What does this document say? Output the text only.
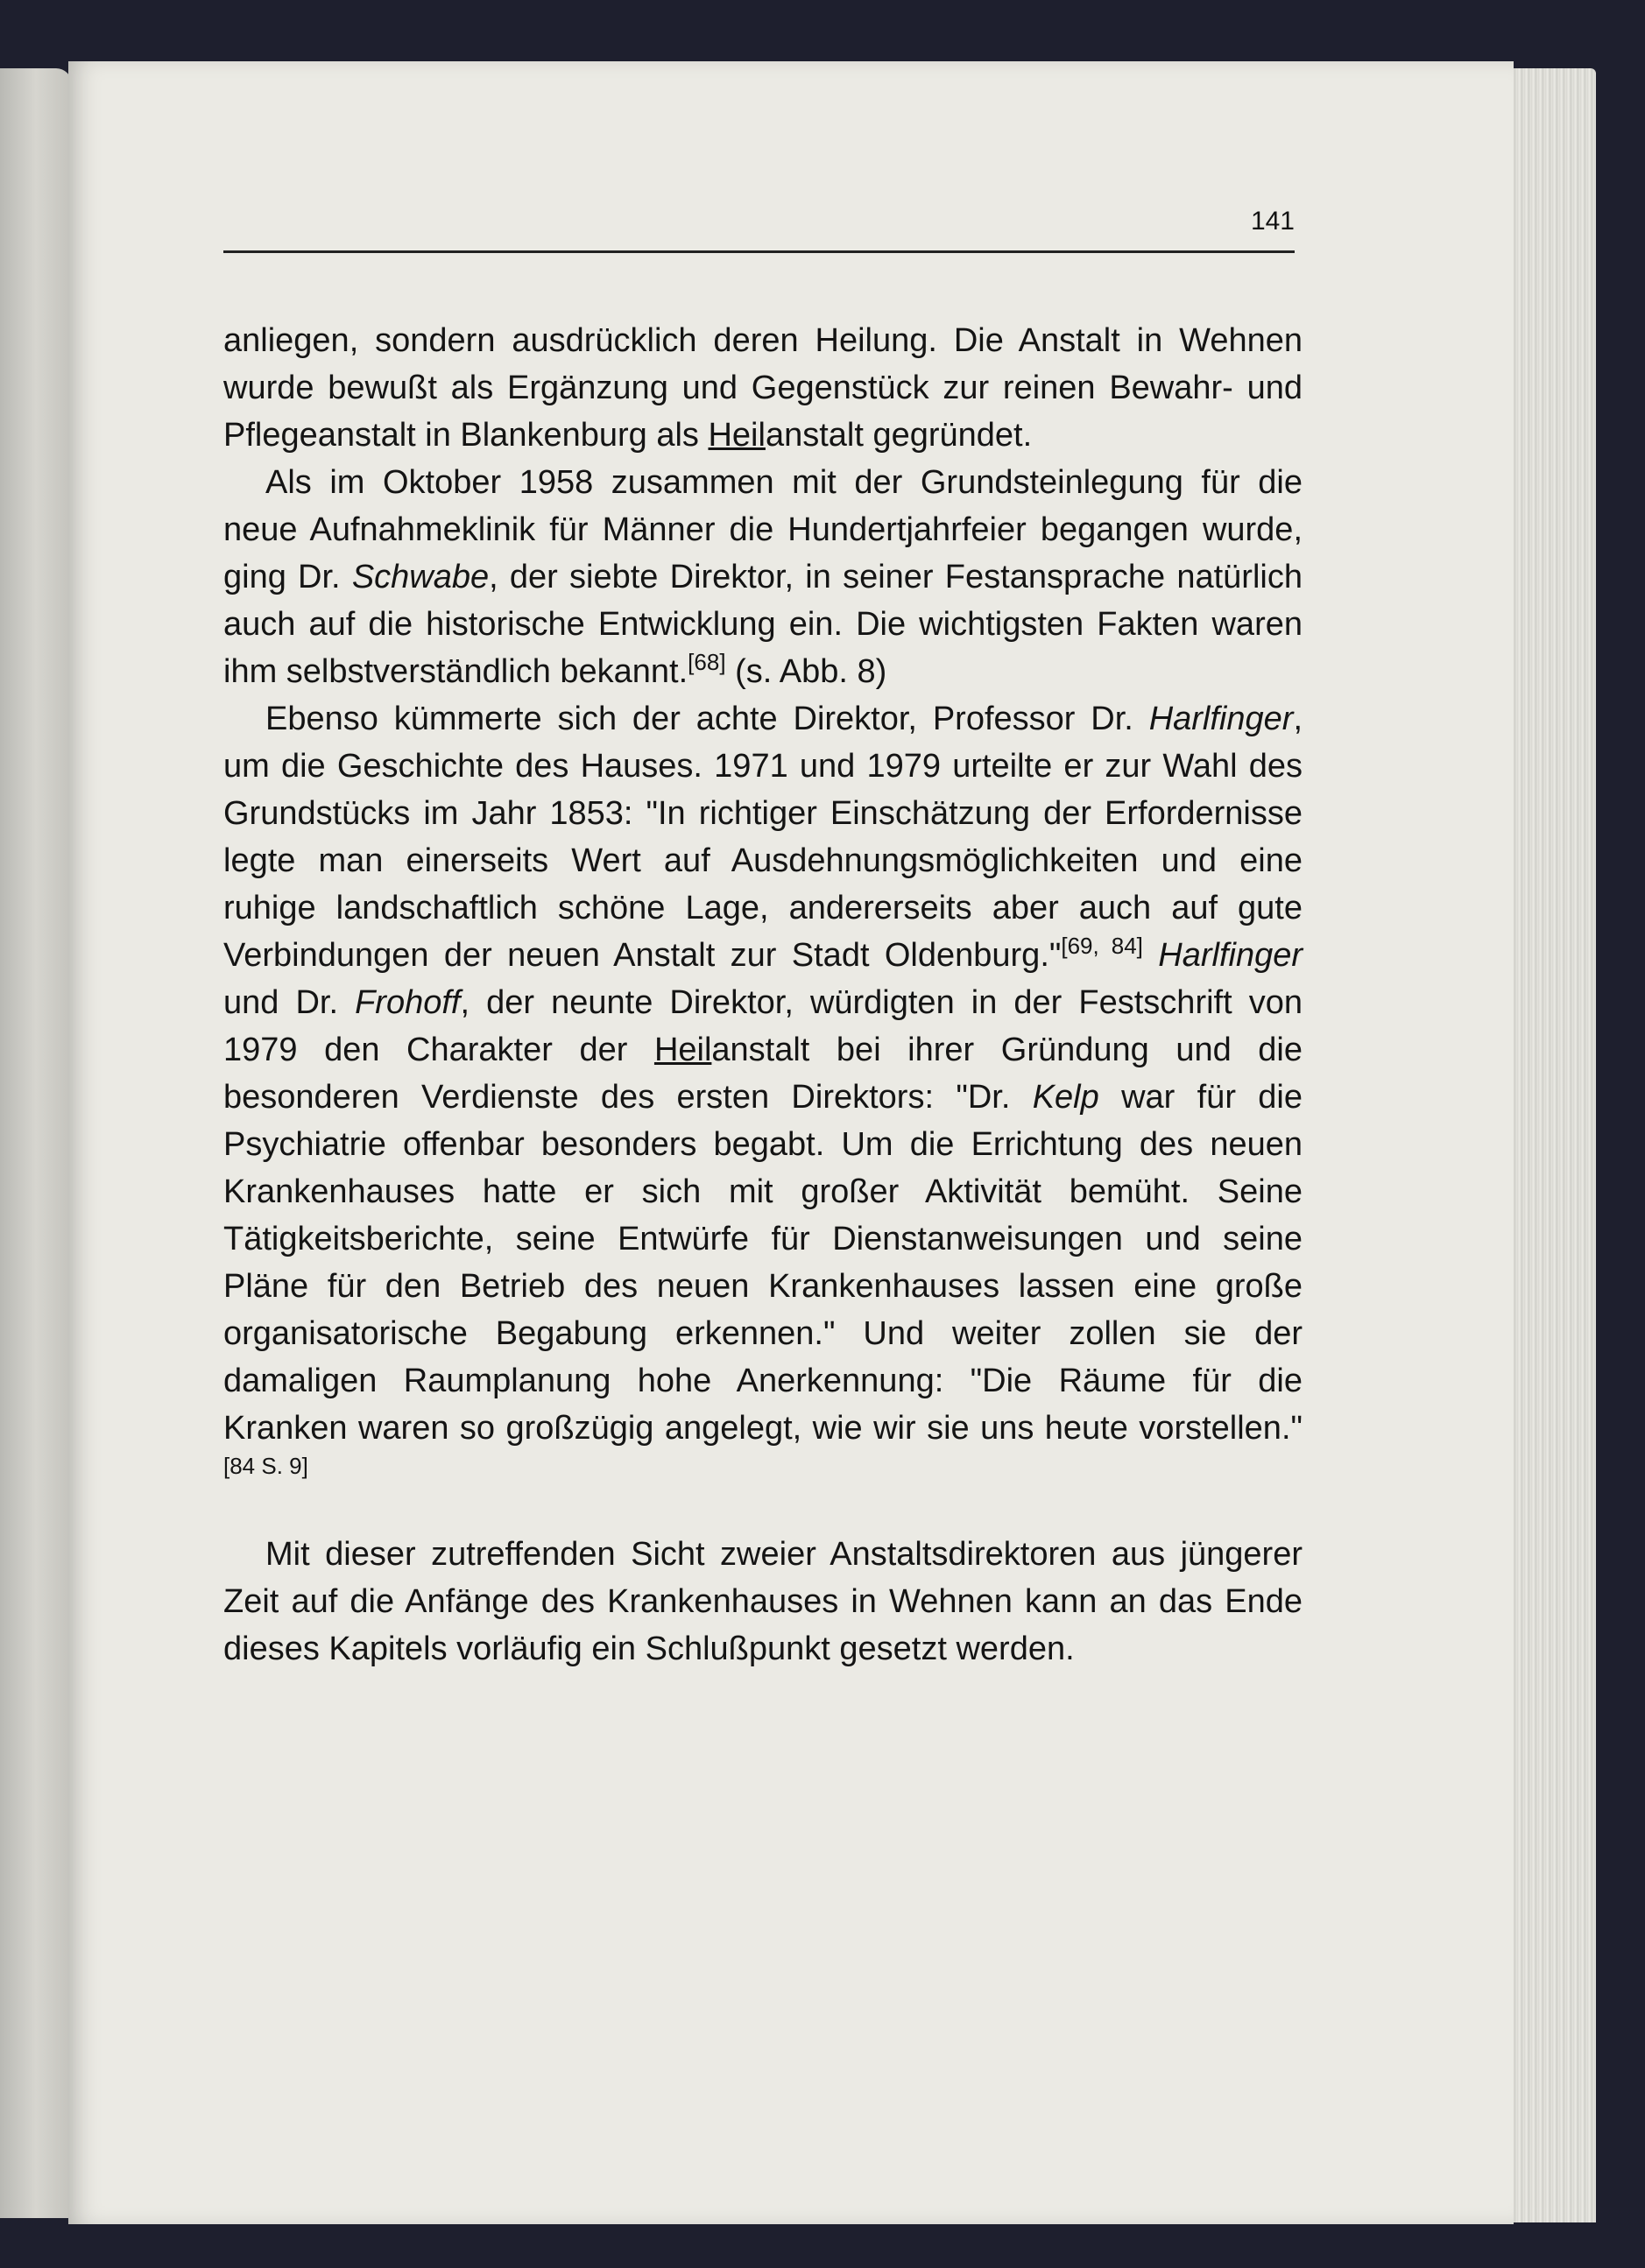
141

anliegen, sondern ausdrücklich deren Heilung. Die Anstalt in Wehnen wurde bewußt als Ergänzung und Gegenstück zur reinen Bewahr- und Pflegeanstalt in Blankenburg als Heilanstalt gegründet.

Als im Oktober 1958 zusammen mit der Grundsteinlegung für die neue Aufnahmeklinik für Männer die Hundertjahrfeier begangen wurde, ging Dr. Schwabe, der siebte Direktor, in seiner Festansprache natürlich auch auf die historische Entwicklung ein. Die wichtigsten Fakten waren ihm selbstverständlich bekannt.[68] (s. Abb. 8)

Ebenso kümmerte sich der achte Direktor, Professor Dr. Harlfinger, um die Geschichte des Hauses. 1971 und 1979 urteilte er zur Wahl des Grundstücks im Jahr 1853: "In richtiger Einschätzung der Erfordernisse legte man einerseits Wert auf Ausdehnungsmöglichkeiten und eine ruhige landschaftlich schöne Lage, andererseits aber auch auf gute Verbindungen der neuen Anstalt zur Stadt Oldenburg."[69, 84] Harlfinger und Dr. Frohoff, der neunte Direktor, würdigten in der Festschrift von 1979 den Charakter der Heilanstalt bei ihrer Gründung und die besonderen Verdienste des ersten Direktors: "Dr. Kelp war für die Psychiatrie offenbar besonders begabt. Um die Errichtung des neuen Krankenhauses hatte er sich mit großer Aktivität bemüht. Seine Tätigkeitsberichte, seine Entwürfe für Dienstanweisungen und seine Pläne für den Betrieb des neuen Krankenhauses lassen eine große organisatorische Begabung erkennen." Und weiter zollen sie der damaligen Raumplanung hohe Anerkennung: "Die Räume für die Kranken waren so großzügig angelegt, wie wir sie uns heute vorstellen."[84 S. 9]

Mit dieser zutreffenden Sicht zweier Anstaltsdirektoren aus jüngerer Zeit auf die Anfänge des Krankenhauses in Wehnen kann an das Ende dieses Kapitels vorläufig ein Schlußpunkt gesetzt werden.
